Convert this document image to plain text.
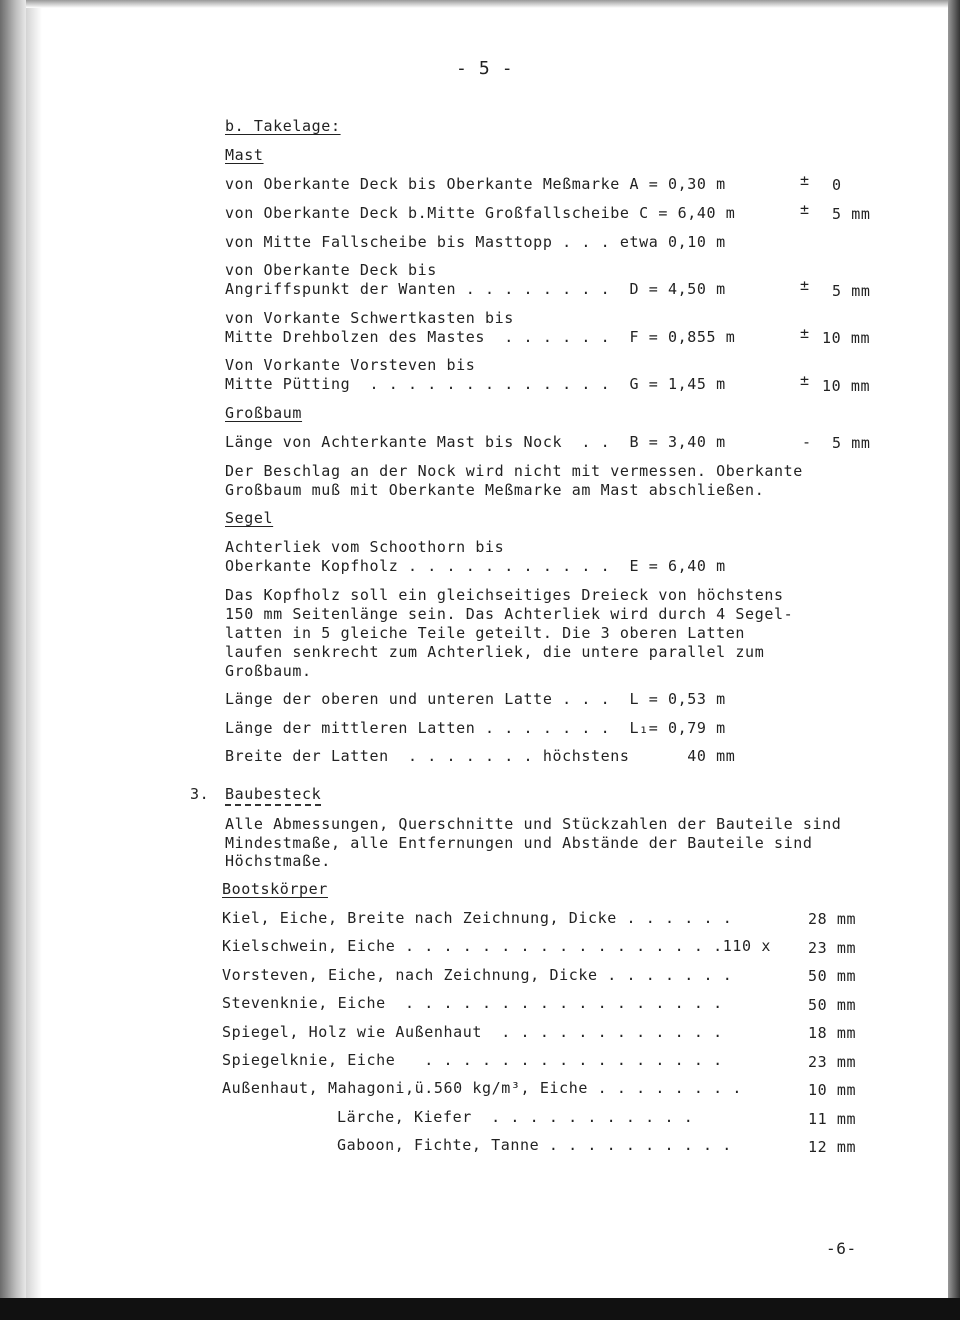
- 5 -
b. Takelage:
Mast
von Oberkante Deck bis Oberkante Meßmarke A = 0,30 m	± 0
von Oberkante Deck b.Mitte Großfallscheibe C = 6,40 m	± 5 mm
von Mitte Fallscheibe bis Masttopp . . . etwa 0,10 m
von Oberkante Deck bis
Angriffspunkt der Wanten . . . . . . . .  D = 4,50 m	± 5 mm
von Vorkante Schwertkasten bis
Mitte Drehbolzen des Mastes  . . . . . .  F = 0,855 m	± 10 mm
Von Vorkante Vorsteven bis
Mitte Pütting  . . . . . . . . . . . . .  G = 1,45 m	± 10 mm
Großbaum
Länge von Achterkante Mast bis Nock  . .  B = 3,40 m	- 5 mm
Der Beschlag an der Nock wird nicht mit vermessen. Oberkante
Großbaum muß mit Oberkante Meßmarke am Mast abschließen.
Segel
Achterliek vom Schoothorn bis
Oberkante Kopfholz . . . . . . . . . . .  E = 6,40 m
Das Kopfholz soll ein gleichseitiges Dreieck von höchstens
150 mm Seitenlänge sein. Das Achterliek wird durch 4 Segel-
latten in 5 gleiche Teile geteilt. Die 3 oberen Latten
laufen senkrecht zum Achterliek, die untere parallel zum
Großbaum.
Länge der oberen und unteren Latte . . .  L = 0,53 m
Länge der mittleren Latten . . . . . . .  L₁= 0,79 m
Breite der Latten  . . . . . . . höchstens      40 mm
3. Baubesteck
Alle Abmessungen, Querschnitte und Stückzahlen der Bauteile sind
Mindestmaße, alle Entfernungen und Abstände der Bauteile sind
Höchstmaße.
Bootskörper
Kiel, Eiche, Breite nach Zeichnung, Dicke . . . . . .	28 mm
Kielschwein, Eiche . . . . . . . . . . . . . . . . .110 x 23 mm
Vorsteven, Eiche, nach Zeichnung, Dicke . . . . . . .	50 mm
Stevenknie, Eiche  . . . . . . . . . . . . . . . . .	50 mm
Spiegel, Holz wie Außenhaut  . . . . . . . . . . . .	18 mm
Spiegelknie, Eiche   . . . . . . . . . . . . . . . .	23 mm
Außenhaut, Mahagoni,ü.560 kg/m³, Eiche . . . . . . . .	10 mm
Lärche, Kiefer  . . . . . . . . . . .	11 mm
Gaboon, Fichte, Tanne . . . . . . . . . .	12 mm
-6-
